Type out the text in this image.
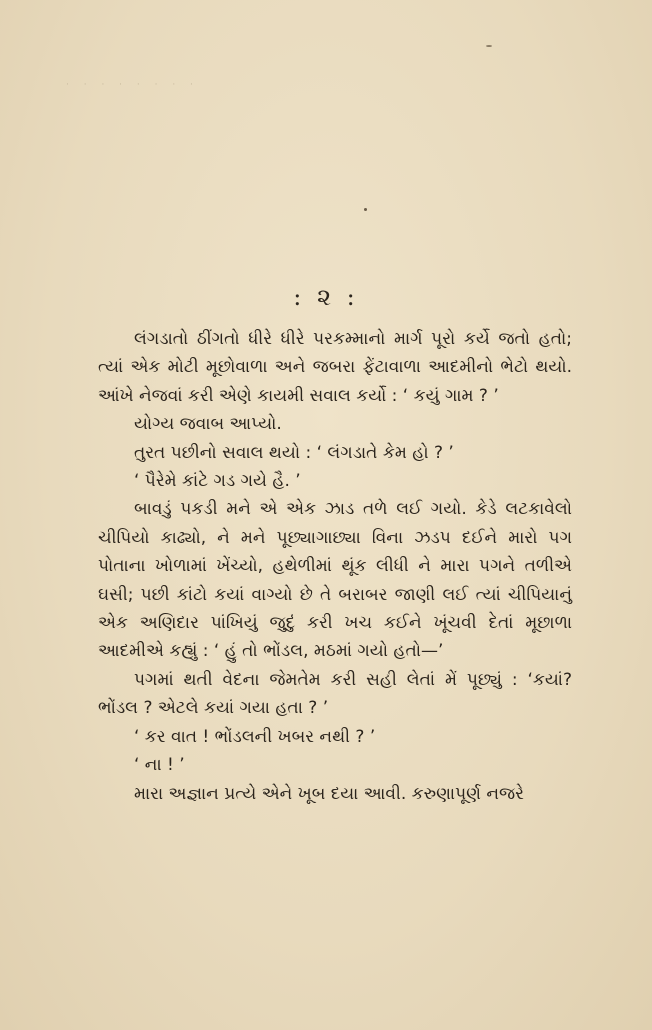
· · · · · · · ·
: ૨ :

લંગડાતો ઠીંગતો ધીરે ધીરે પરકમ્માનો માર્ગ પૂરો કર્યે જતો હતો; ત્યાં એક મોટી મૂછોવાળા અને જબરા ફેંટાવાળા આદમીનો ભેટો થયો. આંખે નેજવાં કરી એણે કાયમી સવાલ કર્યો : ‘ કયું ગામ ? ’

યોગ્ય જવાબ આપ્યો.

તુરત પછીનો સવાલ થયો : ‘ લંગડાતે કેમ હો ? ’

‘ પૈરેમે કાંટે ગડ ગયે હૈ. ’

બાવડું પકડી મને એ એક ઝાડ તળે લઈ ગયો. કેડે લટકાવેલો ચીપિયો કાઢ્યો, ને મને પૂછ્યાગાછ્યા વિના ઝડપ દઈને મારો પગ પોતાના ખોળામાં ખેંચ્યો, હથેળીમાં થૂંક લીધી ને મારા પગને તળીએ ઘસી; પછી કાંટો કયાં વાગ્યો છે તે બરાબર જાણી લઈ ત્યાં ચીપિયાનું એક અણિદાર પાંખિયું જુદું કરી ખચ કઈને ખૂંચવી દેતાં મૂછાળા આદમીએ કહ્યું : ‘ હું તો ભોંડલ, મઠમાં ગયો હતો—’

પગમાં થતી વેદના જેમતેમ કરી સહી લેતાં મેં પૂછ્યું : ‘કયાં? ભોંડલ ? એટલે કયાં ગયા હતા ? ’

‘ કર વાત ! ભોંડલની ખબર નથી ? ’

‘ ના ! ’

મારા અજ્ઞાન પ્રત્યે એને ખૂબ દયા આવી. કરુણાપૂર્ણ નજરે
